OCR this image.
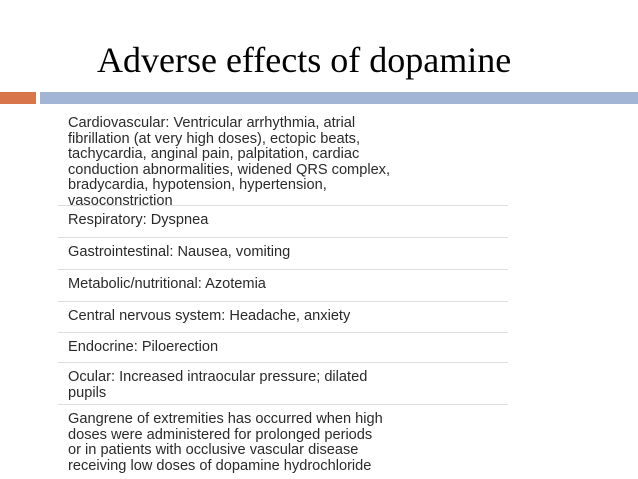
Adverse effects of dopamine
Cardiovascular: Ventricular arrhythmia, atrial
fibrillation (at very high doses), ectopic beats,
tachycardia, anginal pain, palpitation, cardiac
conduction abnormalities, widened QRS complex,
bradycardia, hypotension, hypertension,
vasoconstriction
Respiratory: Dyspnea
Gastrointestinal: Nausea, vomiting
Metabolic/nutritional: Azotemia
Central nervous system: Headache, anxiety
Endocrine: Piloerection
Ocular: Increased intraocular pressure; dilated
pupils
Gangrene of extremities has occurred when high
doses were administered for prolonged periods
or in patients with occlusive vascular disease
receiving low doses of dopamine hydrochloride
